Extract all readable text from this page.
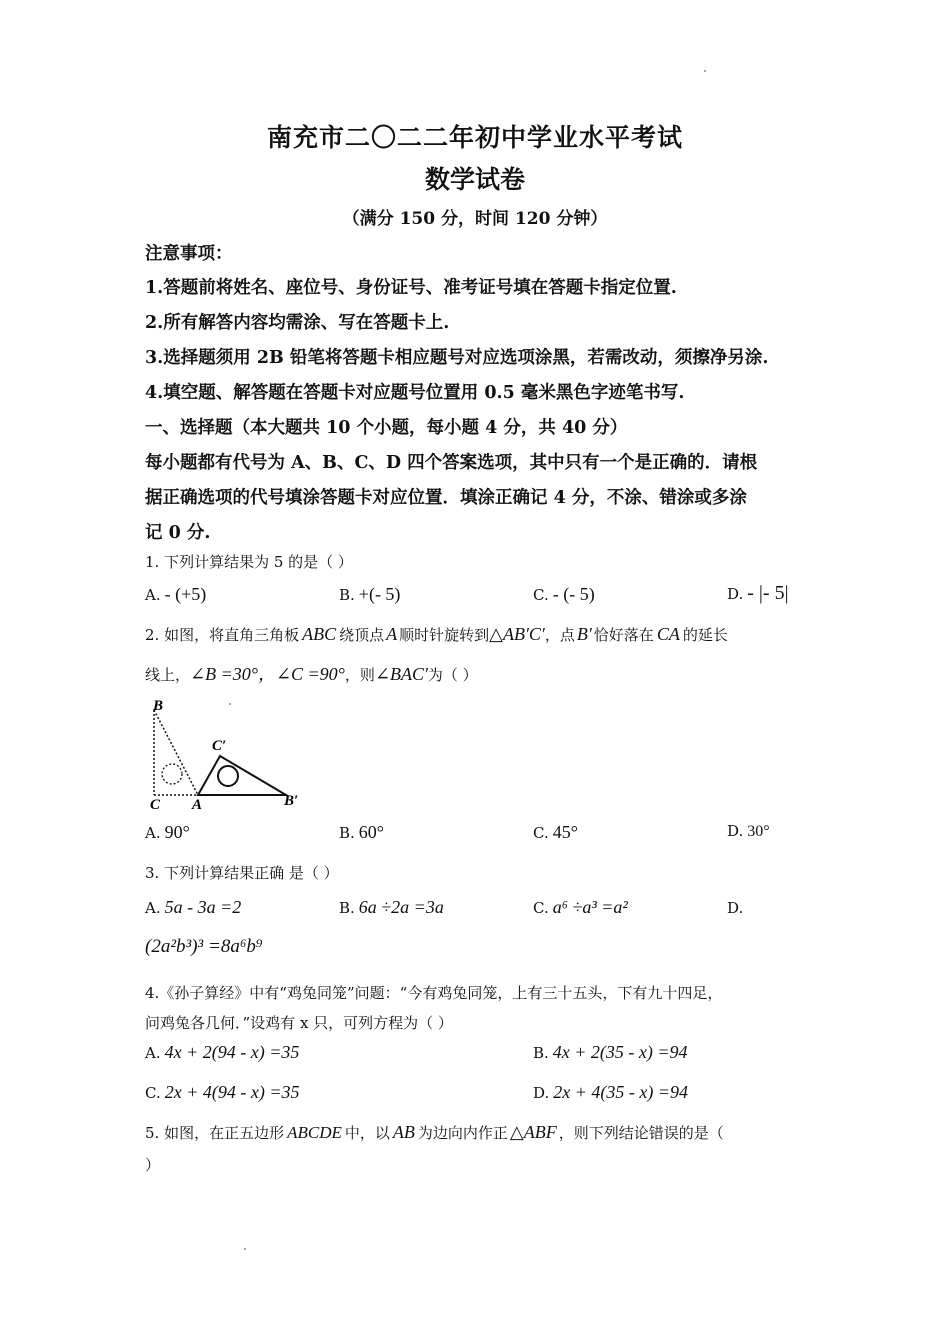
南充市二〇二二年初中学业水平考试
数学试卷
（满分 150 分，时间 120 分钟）
注意事项：
1.答题前将姓名、座位号、身份证号、准考证号填在答题卡指定位置.
2.所有解答内容均需涂、写在答题卡上.
3.选择题须用 2B 铅笔将答题卡相应题号对应选项涂黑，若需改动，须擦净另涂.
4.填空题、解答题在答题卡对应题号位置用 0.5 毫米黑色字迹笔书写.
一、选择题（本大题共 10 个小题，每小题 4 分，共 40 分）
每小题都有代号为 A、B、C、D 四个答案选项，其中只有一个是正确的．请根
据正确选项的代号填涂答题卡对应位置．填涂正确记 4 分，不涂、错涂或多涂
记 0 分.
1. 下列计算结果为 5 的是（ ）
A. - (+5)	B. +(- 5)	C. - (- 5)	D. - |- 5|
2. 如图，将直角三角板 ABC 绕顶点 A 顺时针旋转到△AB′C′，点 B′ 恰好落在 CA 的延长
线上，∠B =30°，∠C =90°，则∠BAC′为（ ）
B
C′
C A	B′
A. 90°	B. 60°	C. 45°	D. 30°
3. 下列计算结果正确 是（ ）
A. 5a - 3a =2	B. 6a ÷2a =3a	C. a⁶ ÷a³ =a²	D.
(2a²b³)³ =8a⁶b⁹
4.《孙子算经》中有“鸡兔同笼”问题：“今有鸡兔同笼，上有三十五头，下有九十四足，
问鸡兔各几何．”设鸡有 x 只，可列方程为（ ）
A. 4x + 2(94 - x) =35	B. 4x + 2(35 - x) =94
C. 2x + 4(94 - x) =35	D. 2x + 4(35 - x) =94
5. 如图，在正五边形 ABCDE 中，以 AB 为边向内作正 △ABF ，则下列结论错误的是（
）
